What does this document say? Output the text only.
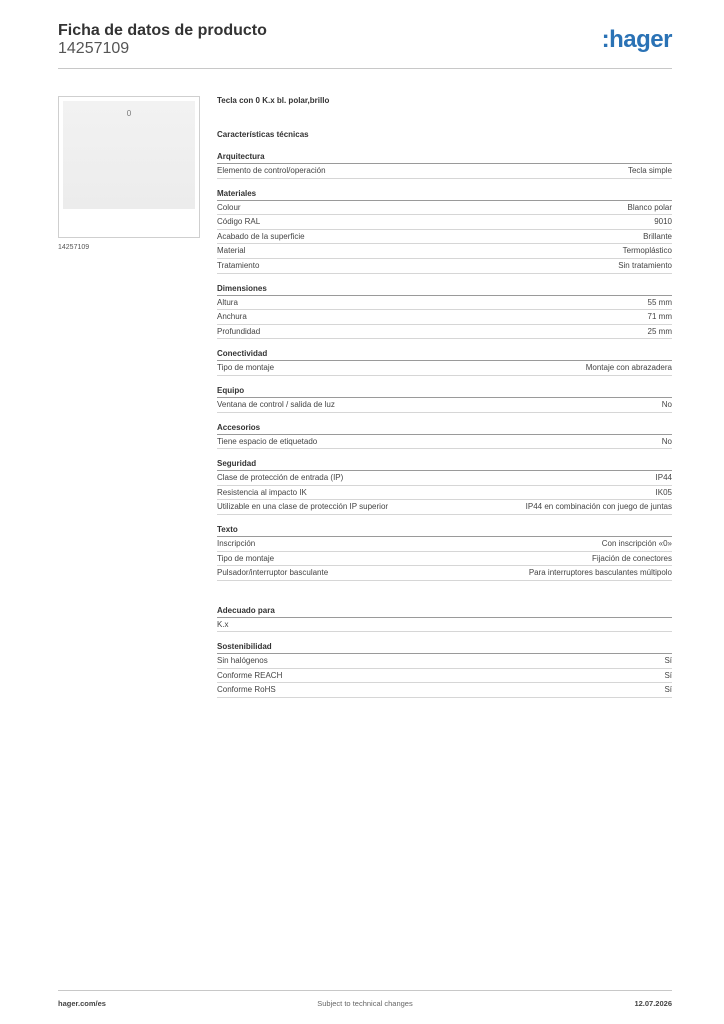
Ficha de datos de producto
14257109	:hager
0
14257109
Tecla con 0 K.x bl. polar,brillo
Características técnicas
Arquitectura
Elemento de control/operación	Tecla simple
Materiales
Colour	Blanco polar
Código RAL	9010
Acabado de la superficie	Brillante
Material	Termoplástico
Tratamiento	Sin tratamiento
Dimensiones
Altura	55 mm
Anchura	71 mm
Profundidad	25 mm
Conectividad
Tipo de montaje	Montaje con abrazadera
Equipo
Ventana de control / salida de luz	No
Accesorios
Tiene espacio de etiquetado	No
Seguridad
Clase de protección de entrada (IP)	IP44
Resistencia al impacto IK	IK05
Utilizable en una clase de protección IP superior	IP44 en combinación con juego de juntas
Texto
Inscripción	Con inscripción «0»
Tipo de montaje	Fijación de conectores
Pulsador/interruptor basculante	Para interruptores basculantes múltipolo
Adecuado para
K.x
Sostenibilidad
Sin halógenos	Sí
Conforme REACH	Sí
Conforme RoHS	Sí
hager.com/es	Subject to technical changes	12.07.2026
